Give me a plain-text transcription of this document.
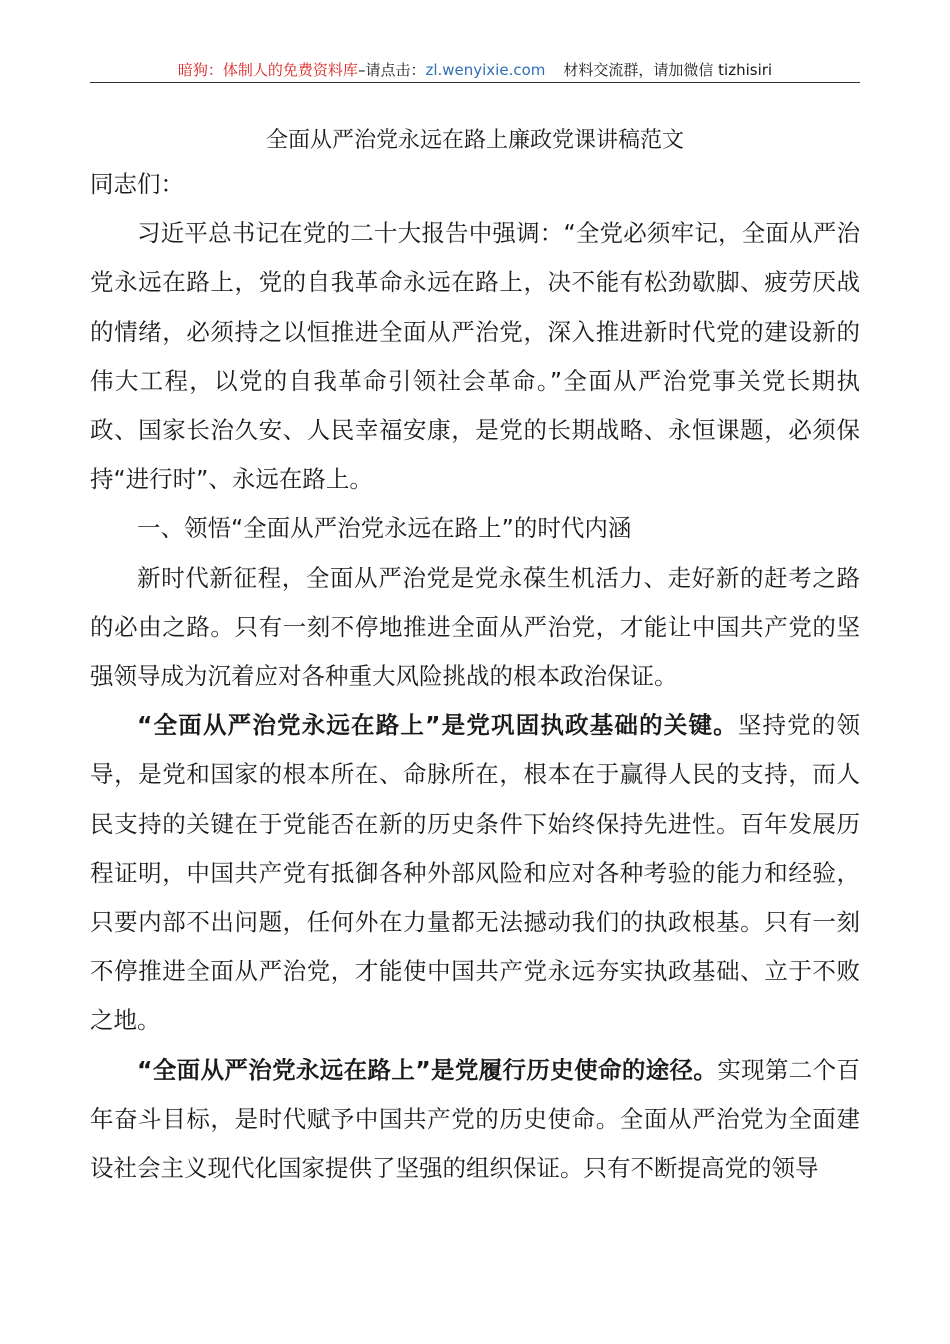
暗狗：体制人的免费资料库–请点击：zl.wenyixie.com 材料交流群，请加微信 tizhisiri
全面从严治党永远在路上廉政党课讲稿范文

同志们：

习近平总书记在党的二十大报告中强调：“全党必须牢记，全面从严治党永远在路上，党的自我革命永远在路上，决不能有松劲歇脚、疲劳厌战的情绪，必须持之以恒推进全面从严治党，深入推进新时代党的建设新的伟大工程，以党的自我革命引领社会革命。”全面从严治党事关党长期执政、国家长治久安、人民幸福安康，是党的长期战略、永恒课题，必须保持“进行时”、永远在路上。

一、领悟“全面从严治党永远在路上”的时代内涵

新时代新征程，全面从严治党是党永葆生机活力、走好新的赶考之路的必由之路。只有一刻不停地推进全面从严治党，才能让中国共产党的坚强领导成为沉着应对各种重大风险挑战的根本政治保证。

“全面从严治党永远在路上”是党巩固执政基础的关键。坚持党的领导，是党和国家的根本所在、命脉所在，根本在于赢得人民的支持，而人民支持的关键在于党能否在新的历史条件下始终保持先进性。百年发展历程证明，中国共产党有抵御各种外部风险和应对各种考验的能力和经验，只要内部不出问题，任何外在力量都无法撼动我们的执政根基。只有一刻不停推进全面从严治党，才能使中国共产党永远夯实执政基础、立于不败之地。

“全面从严治党永远在路上”是党履行历史使命的途径。实现第二个百年奋斗目标，是时代赋予中国共产党的历史使命。全面从严治党为全面建设社会主义现代化国家提供了坚强的组织保证。只有不断提高党的领导
